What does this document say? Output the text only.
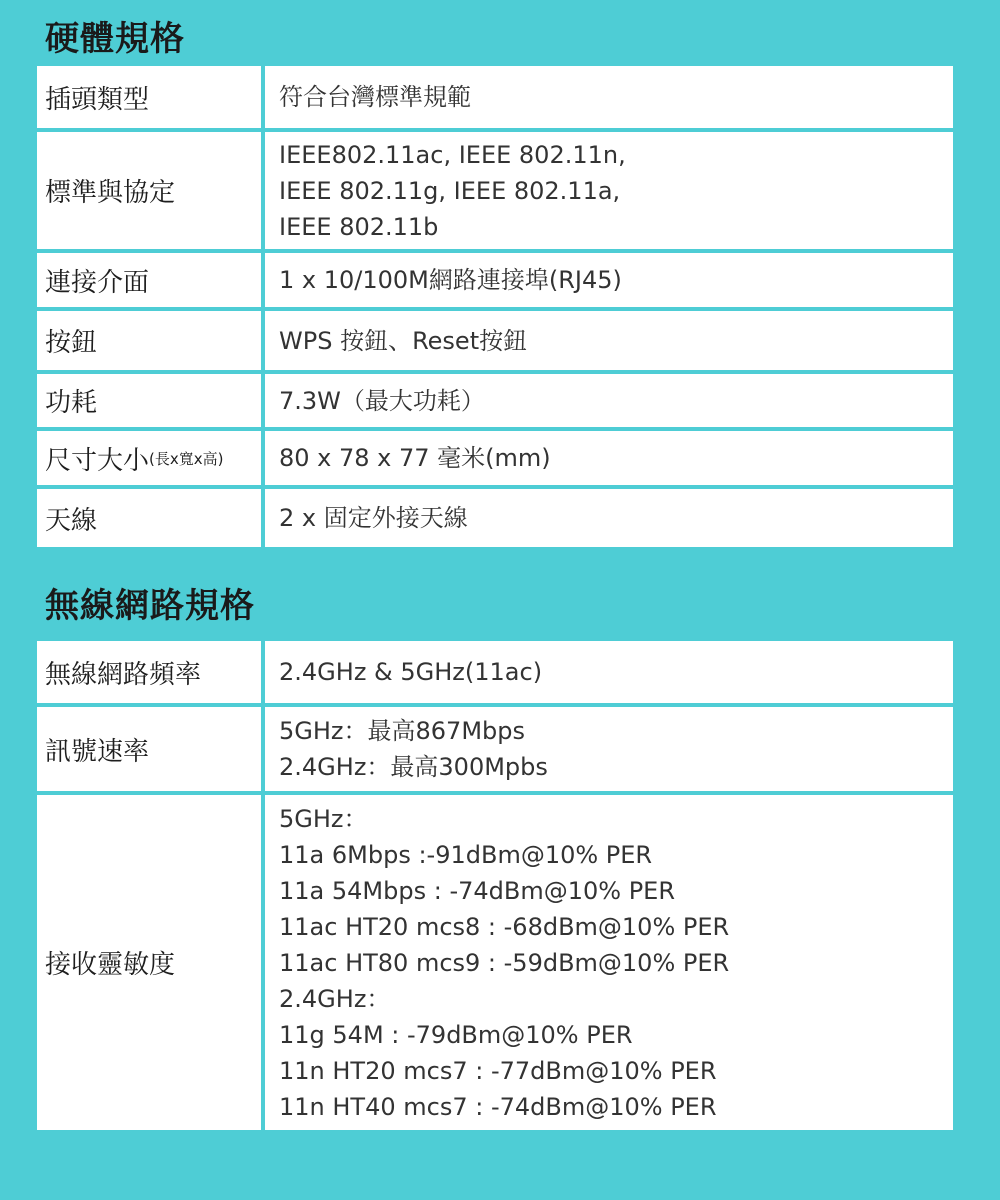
硬體規格
插頭類型	符合台灣標準規範
標準與協定
IEEE802.11ac, IEEE 802.11n,
IEEE 802.11g, IEEE 802.11a,
IEEE 802.11b
連接介面	1 x 10/100M網路連接埠(RJ45)
按鈕	WPS 按鈕、Reset按鈕
功耗	7.3W（最大功耗）
尺寸大小 (長x寬x高) 80 x 78 x 77 毫米(mm)
天線	2 x 固定外接天線
無線網路規格
無線網路頻率	2.4GHz & 5GHz(11ac)
訊號速率
5GHz：最高867Mbps
2.4GHz：最高300Mpbs
接收靈敏度
5GHz：
11a 6Mbps :-91dBm@10% PER
11a 54Mbps : -74dBm@10% PER
11ac HT20 mcs8 : -68dBm@10% PER
11ac HT80 mcs9 : -59dBm@10% PER
2.4GHz：
11g 54M : -79dBm@10% PER
11n HT20 mcs7 : -77dBm@10% PER
11n HT40 mcs7 : -74dBm@10% PER
